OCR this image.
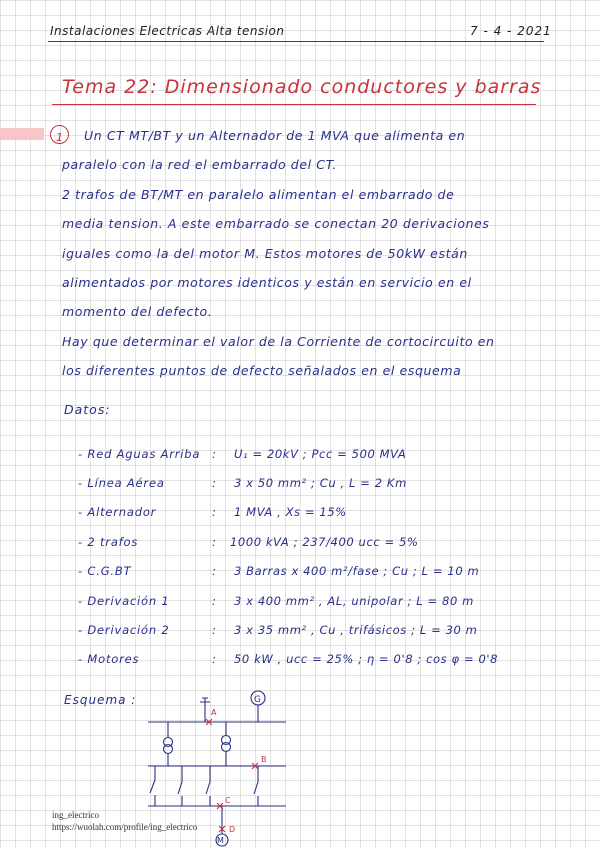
Instalaciones Electricas Alta tension	7 - 4 - 2021
Tema 22: Dimensionado conductores y barras
1	Un CT MT/BT y un Alternador de 1 MVA que alimenta en
paralelo con la red el embarrado del CT.
2 trafos de BT/MT en paralelo alimentan el embarrado de
media tension. A este embarrado se conectan 20 derivaciones
iguales como la del motor M. Estos motores de 50kW están
alimentados por motores identicos y están en servicio en el
momento del defecto.
Hay que determinar el valor de la Corriente de cortocircuito en
los diferentes puntos de defecto señalados en el esquema
Datos:
- Red Aguas Arriba : U₁ = 20kV ; Pcc = 500 MVA
- Línea Aérea	: 3 x 50 mm² ; Cu , L = 2 Km
- Alternador	: 1 MVA , Xs = 15%
- 2 trafos	: 1000 kVA ; 237/400 ucc = 5%
- C.G.BT	: 3 Barras x 400 m²/fase ; Cu ; L = 10 m
- Derivación 1	: 3 x 400 mm² , AL, unipolar ; L = 80 m
- Derivación 2	: 3 x 35 mm² , Cu , trifásicos ; L = 30 m
- Motores	: 50 kW , ucc = 25% ; η = 0'8 ; cos φ = 0'8
Esquema :	G
M
A
B
C
D
ing_electrico
https://wuolah.com/profile/ing_electrico
